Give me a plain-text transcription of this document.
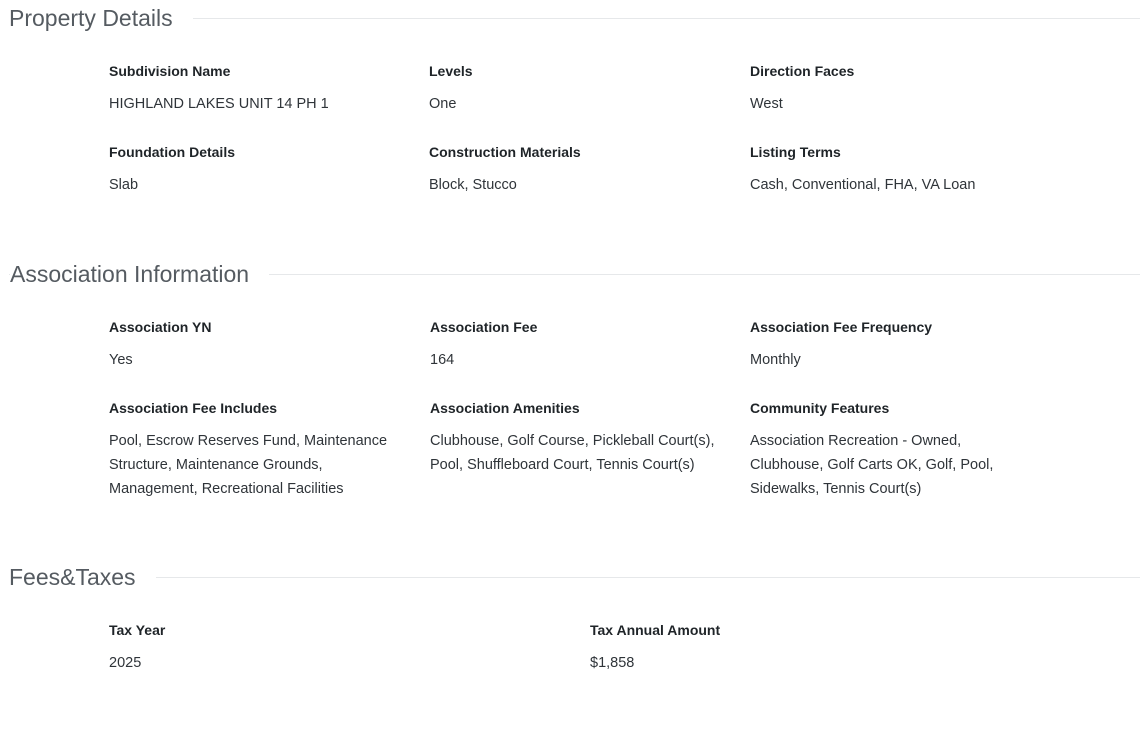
Property Details
Subdivision Name
HIGHLAND LAKES UNIT 14 PH 1
Levels
One
Direction Faces
West
Foundation Details
Slab
Construction Materials
Block, Stucco
Listing Terms
Cash, Conventional, FHA, VA Loan
Association Information
Association YN
Yes
Association Fee
164
Association Fee Frequency
Monthly
Association Fee Includes
Pool, Escrow Reserves Fund, Maintenance Structure, Maintenance Grounds, Management, Recreational Facilities
Association Amenities
Clubhouse, Golf Course, Pickleball Court(s), Pool, Shuffleboard Court, Tennis Court(s)
Community Features
Association Recreation - Owned, Clubhouse, Golf Carts OK, Golf, Pool, Sidewalks, Tennis Court(s)
Fees&Taxes
Tax Year
2025
Tax Annual Amount
$1,858
